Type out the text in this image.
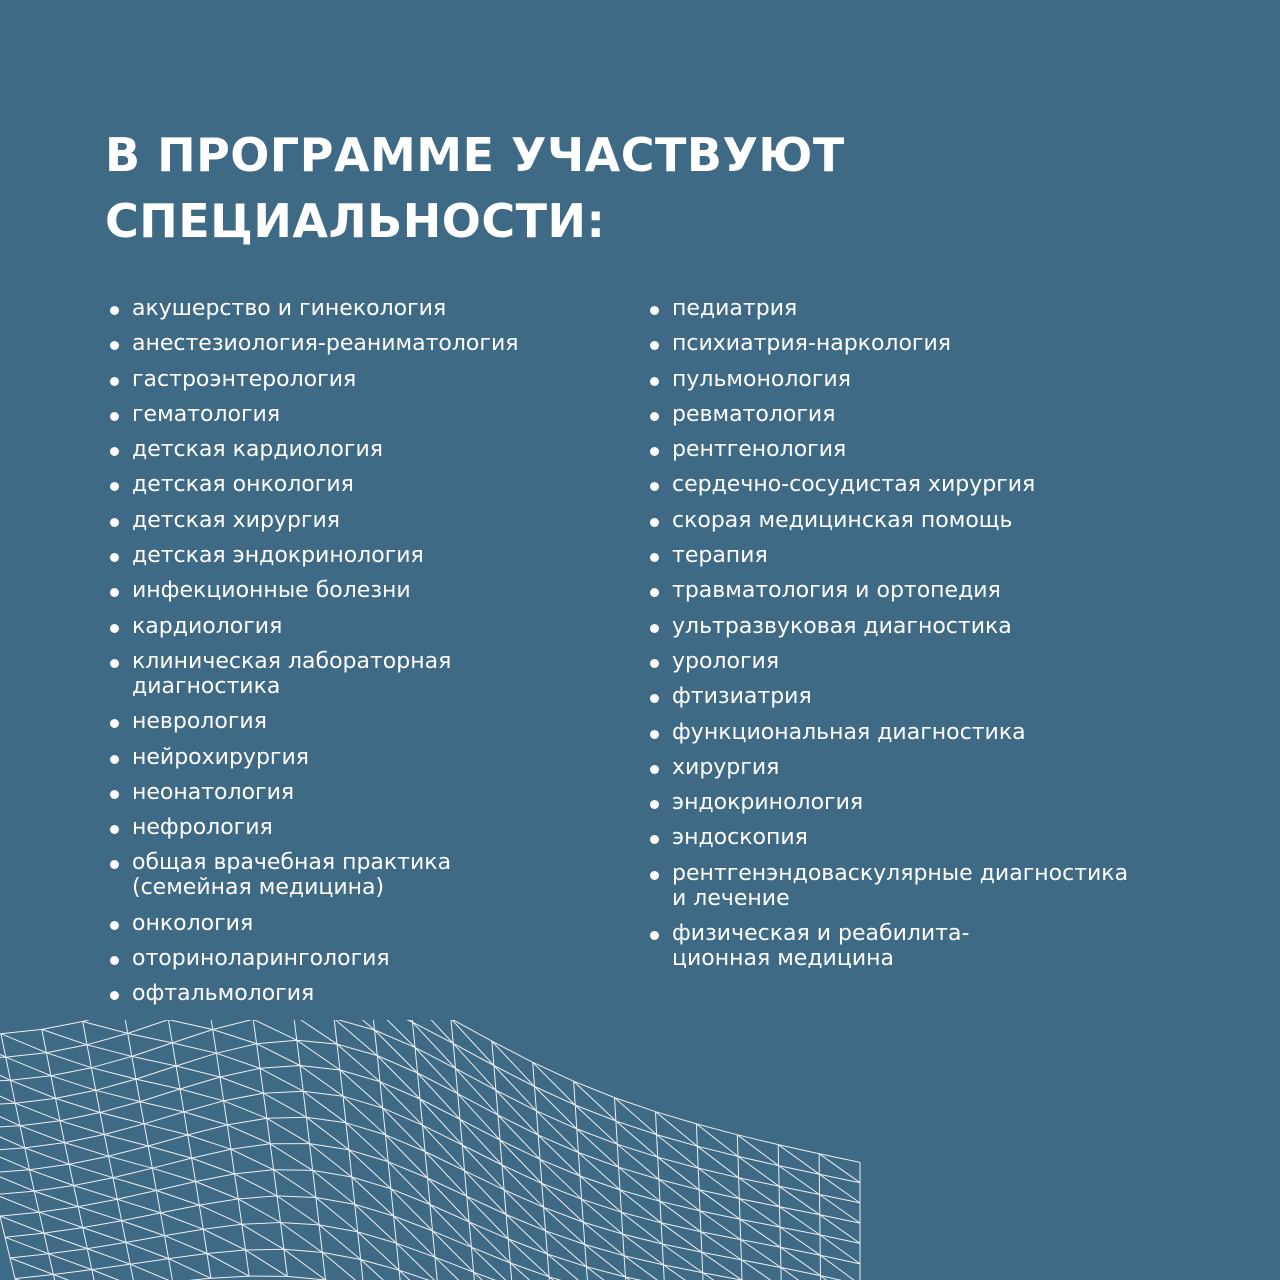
В ПРОГРАММЕ УЧАСТВУЮТ
СПЕЦИАЛЬНОСТИ:
акушерство и гинекология
анестезиология-реаниматология
гастроэнтерология
гематология
детская кардиология
детская онкология
детская хирургия
детская эндокринология
инфекционные болезни
кардиология
клиническая лабораторная
диагностика
неврология
нейрохирургия
неонатология
нефрология
общая врачебная практика
(семейная медицина)
онкология
оториноларингология
офтальмология
педиатрия
психиатрия-наркология
пульмонология
ревматология
рентгенология
сердечно-сосудистая хирургия
скорая медицинская помощь
терапия
травматология и ортопедия
ультразвуковая диагностика
урология
фтизиатрия
функциональная диагностика
хирургия
эндокринология
эндоскопия
рентгенэндоваскулярные диагностика
и лечение
физическая и реабилита-
ционная медицина
